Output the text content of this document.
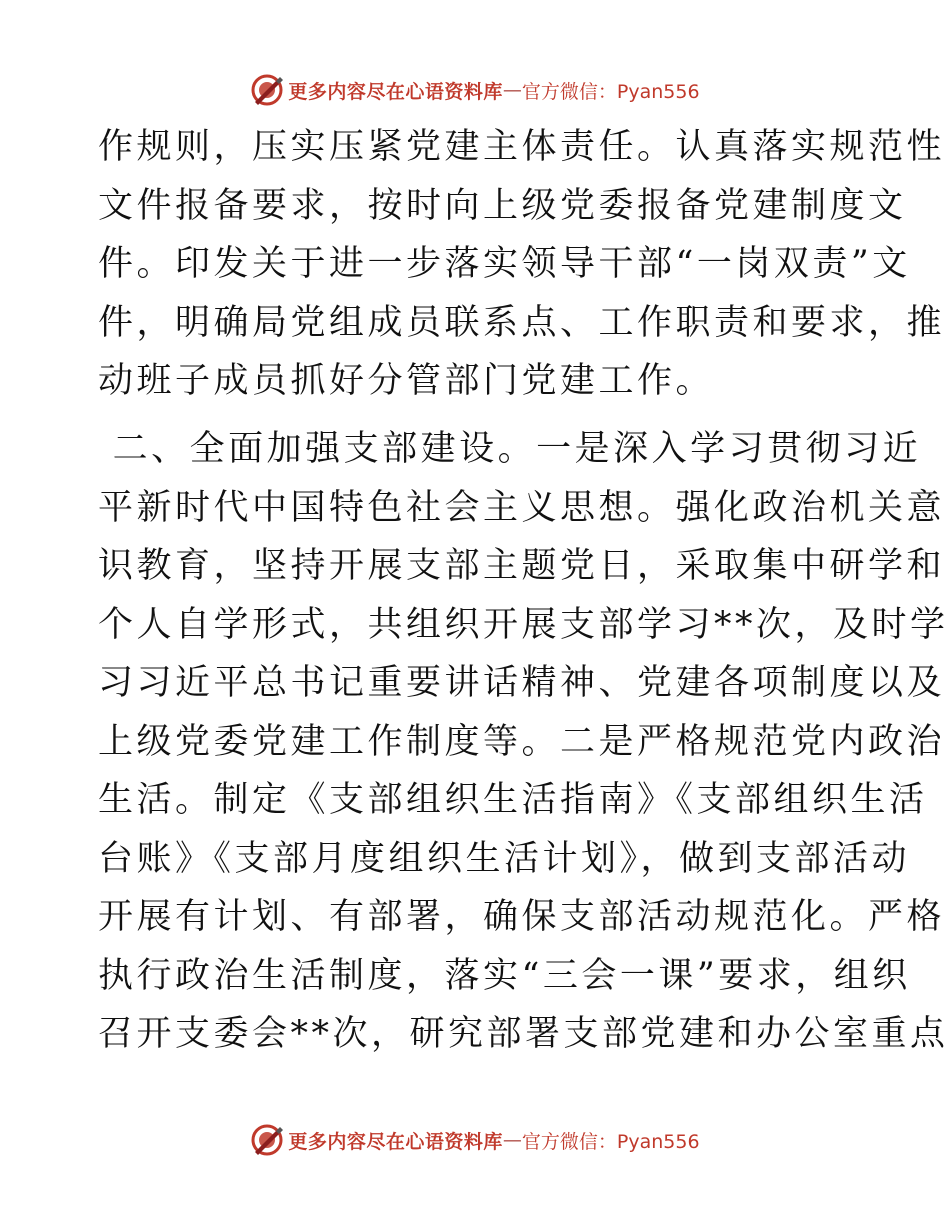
更多内容尽在心语资料库 — 官方微信：Pyan556
作规则，压实压紧党建主体责任。认真落实规范性
文件报备要求，按时向上级党委报备党建制度文
件。印发关于进一步落实领导干部“一岗双责”文
件，明确局党组成员联系点、工作职责和要求，推
动班子成员抓好分管部门党建工作。
二、全面加强支部建设。一是深入学习贯彻习近
平新时代中国特色社会主义思想。强化政治机关意
识教育，坚持开展支部主题党日，采取集中研学和
个人自学形式，共组织开展支部学习**次，及时学
习习近平总书记重要讲话精神、党建各项制度以及
上级党委党建工作制度等。二是严格规范党内政治
生活。制定《支部组织生活指南》《支部组织生活
台账》《支部月度组织生活计划》，做到支部活动
开展有计划、有部署，确保支部活动规范化。严格
执行政治生活制度，落实“三会一课”要求，组织
召开支委会**次，研究部署支部党建和办公室重点
更多内容尽在心语资料库 — 官方微信：Pyan556
